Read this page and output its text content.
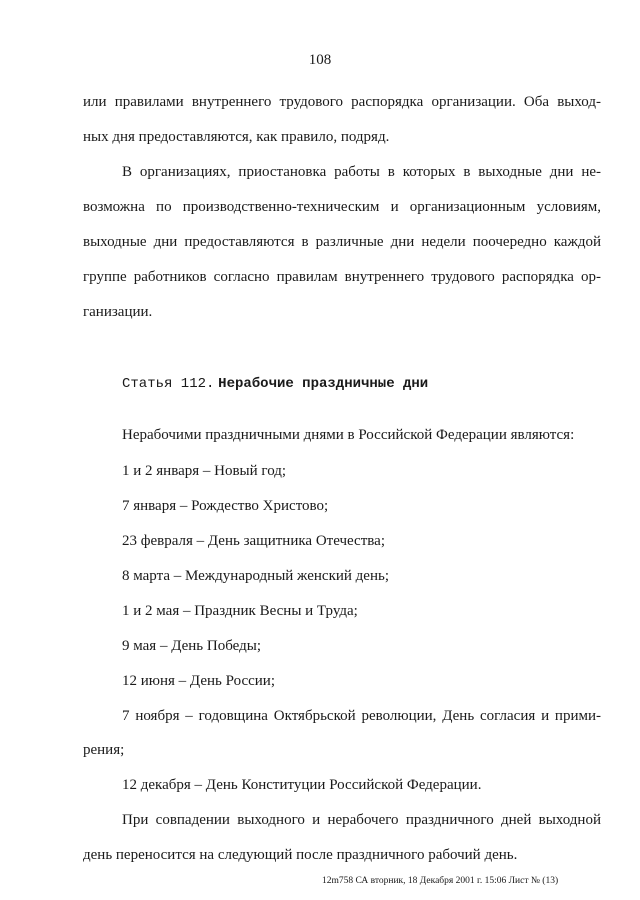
108
или правилами внутреннего трудового распорядка организации. Оба выход-
ных дня предоставляются, как правило, подряд.
В организациях, приостановка работы в которых в выходные дни не-
возможна по производственно-техническим и организационным условиям,
выходные дни предоставляются в различные дни недели поочередно каждой
группе работников согласно правилам внутреннего трудового распорядка ор-
ганизации.
Статья 112. Нерабочие праздничные дни
Нерабочими праздничными днями в Российской Федерации являются:
1 и 2 января – Новый год;
7 января – Рождество Христово;
23 февраля – День защитника Отечества;
8 марта – Международный женский день;
1 и 2 мая – Праздник Весны и Труда;
9 мая – День Победы;
12 июня – День России;
7 ноября – годовщина Октябрьской революции, День согласия и прими-
рения;
12 декабря – День Конституции Российской Федерации.
При совпадении выходного и нерабочего праздничного дней выходной
день переносится на следующий после праздничного рабочий день.
12m758 СА вторник, 18 Декабря 2001 г. 15:06 Лист № (13)
